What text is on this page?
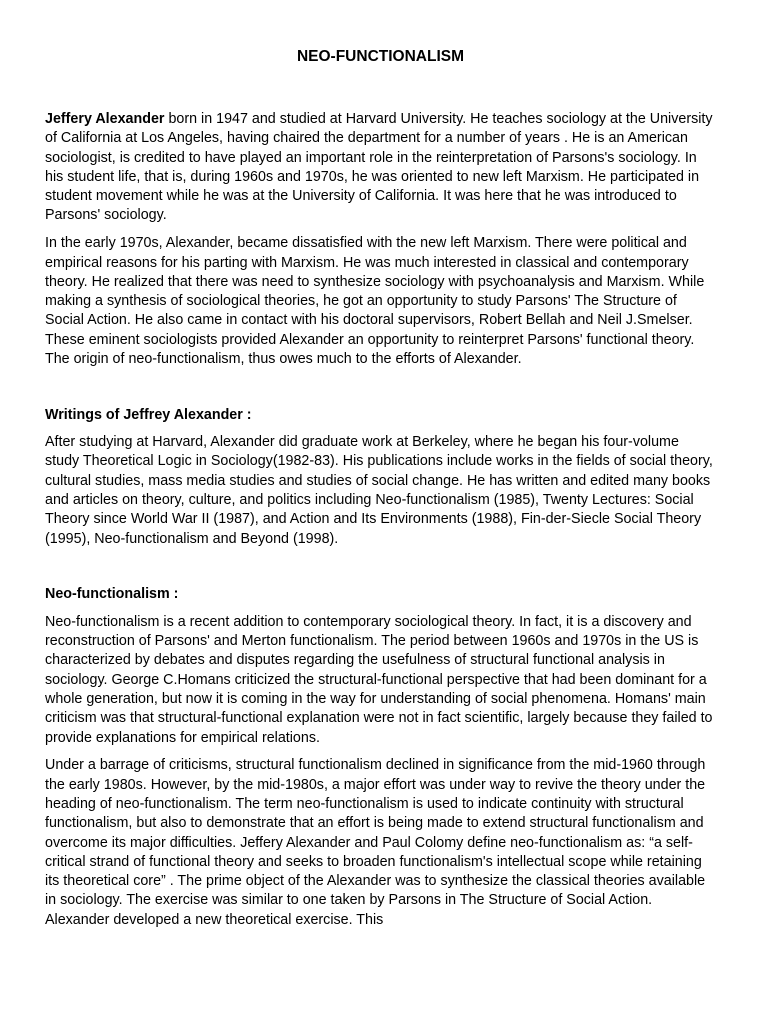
NEO-FUNCTIONALISM

Jeffery Alexander born in 1947 and studied at Harvard University. He teaches sociology at the University of California at Los Angeles, having chaired the department for a number of years . He is an American sociologist, is credited to have played an important role in the reinterpretation of Parsons's sociology. In his student life, that is, during 1960s and 1970s, he was oriented to new left Marxism. He participated in student movement while he was at the University of California. It was here that he was introduced to Parsons' sociology.

In the early 1970s, Alexander, became dissatisfied with the new left Marxism. There were political and empirical reasons for his parting with Marxism. He was much interested in classical and contemporary theory. He realized that there was need to synthesize sociology with psychoanalysis and Marxism. While making a synthesis of sociological theories, he got an opportunity to study Parsons' The Structure of Social Action. He also came in contact with his doctoral supervisors, Robert Bellah and Neil J.Smelser. These eminent sociologists provided Alexander an opportunity to reinterpret Parsons' functional theory. The origin of neo-functionalism, thus owes much to the efforts of Alexander.

Writings of Jeffrey Alexander :

After studying at Harvard, Alexander did graduate work at Berkeley, where he began his four-volume study Theoretical Logic in Sociology(1982-83). His publications include works in the fields of social theory, cultural studies, mass media studies and studies of social change. He has written and edited many books and articles on theory, culture, and politics including Neo-functionalism (1985), Twenty Lectures: Social Theory since World War II (1987), and Action and Its Environments (1988), Fin-der-Siecle Social Theory (1995), Neo-functionalism and Beyond (1998).

Neo-functionalism :

Neo-functionalism is a recent addition to contemporary sociological theory. In fact, it is a discovery and reconstruction of Parsons' and Merton functionalism. The period between 1960s and 1970s in the US is characterized by debates and disputes regarding the usefulness of structural functional analysis in sociology. George C.Homans criticized the structural-functional perspective that had been dominant for a whole generation, but now it is coming in the way for understanding of social phenomena. Homans' main criticism was that structural-functional explanation were not in fact scientific, largely because they failed to provide explanations for empirical relations.

Under a barrage of criticisms, structural functionalism declined in significance from the mid-1960 through the early 1980s. However, by the mid-1980s, a major effort was under way to revive the theory under the heading of neo-functionalism. The term neo-functionalism is used to indicate continuity with structural functionalism, but also to demonstrate that an effort is being made to extend structural functionalism and overcome its major difficulties. Jeffery Alexander and Paul Colomy define neo-functionalism as: “a self-critical strand of functional theory and seeks to broaden functionalism's intellectual scope while retaining its theoretical core” . The prime object of the Alexander was to synthesize the classical theories available in sociology. The exercise was similar to one taken by Parsons in The Structure of Social Action. Alexander developed a new theoretical exercise. This
